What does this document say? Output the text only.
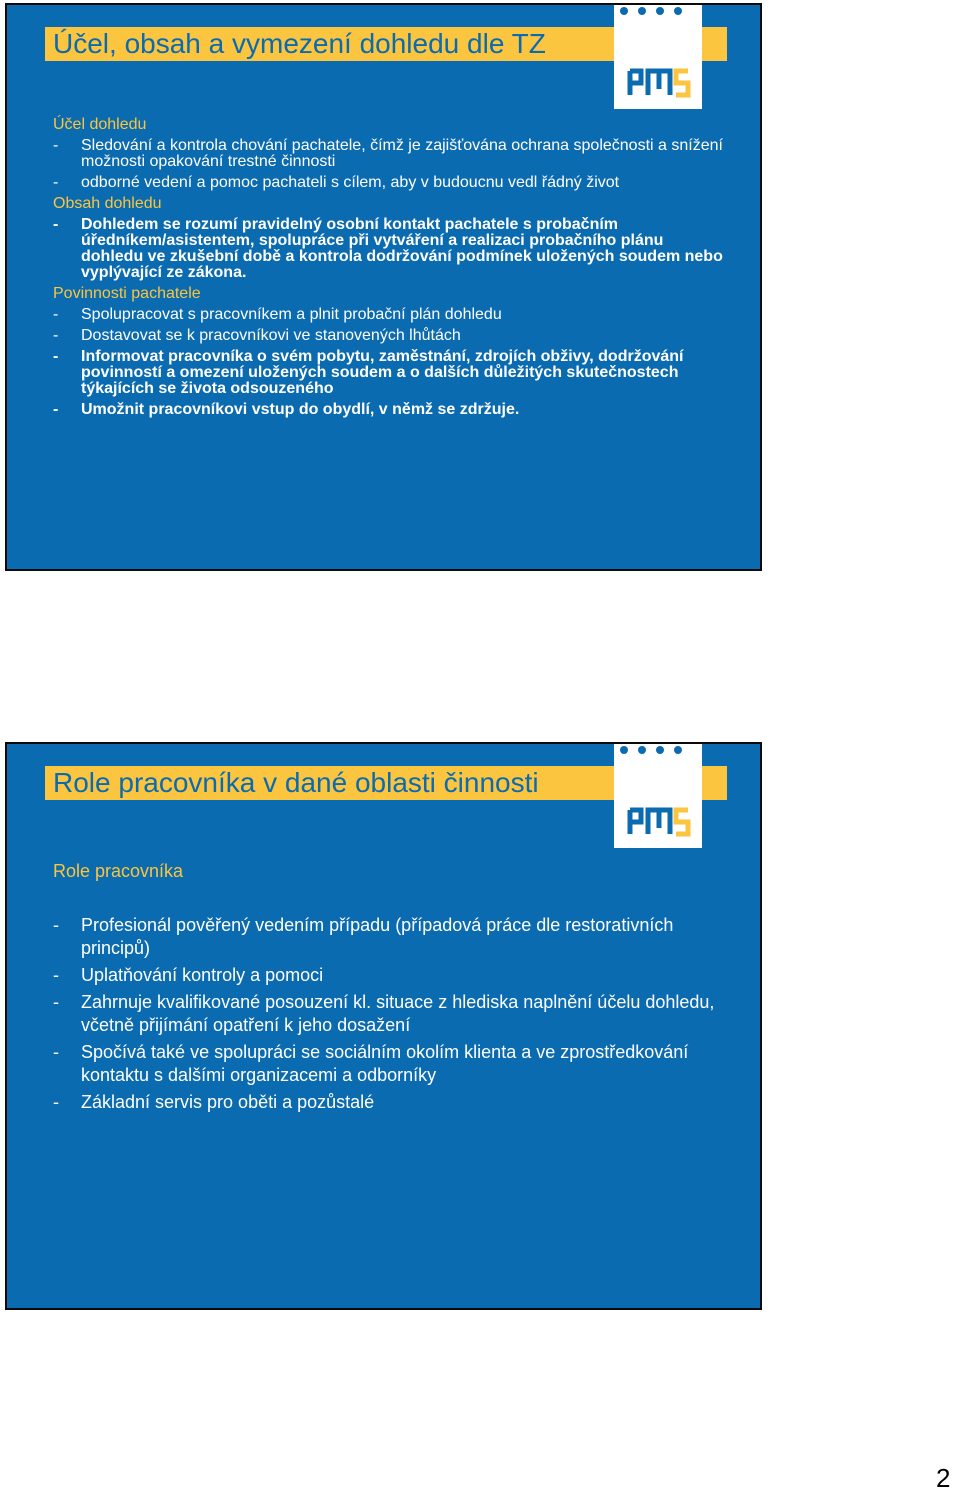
Účel, obsah a vymezení dohledu dle TZ
Účel dohledu
-	Sledování a kontrola chování pachatele, čímž je zajišťována ochrana společnosti a snížení možnosti opakování trestné činnosti
-	odborné vedení a pomoc pachateli s cílem, aby v budoucnu vedl řádný život
Obsah dohledu
-	Dohledem se rozumí pravidelný osobní kontakt pachatele s probačním úředníkem/asistentem, spolupráce při vytváření a realizaci probačního plánu dohledu ve zkušební době a kontrola dodržování podmínek uložených soudem nebo vyplývající ze zákona.
Povinnosti pachatele
-	Spolupracovat s pracovníkem a plnit probační plán dohledu
-	Dostavovat se k pracovníkovi ve stanovených lhůtách
-	Informovat pracovníka o svém pobytu, zaměstnání, zdrojích obživy, dodržování povinností a omezení uložených soudem a o dalších důležitých skutečnostech týkajících se života odsouzeného
-	Umožnit pracovníkovi vstup do obydlí, v němž se zdržuje.
Role pracovníka v dané oblasti činnosti
Role pracovníka
-	Profesionál pověřený vedením případu (případová práce dle restorativních principů)
-	Uplatňování kontroly a pomoci
-	Zahrnuje kvalifikované posouzení kl. situace z hlediska naplnění účelu dohledu, včetně přijímání opatření k jeho dosažení
-	Spočívá také ve spolupráci se sociálním okolím klienta a ve zprostředkování kontaktu s dalšími organizacemi a odborníky
-	Základní servis pro oběti a pozůstalé
2
